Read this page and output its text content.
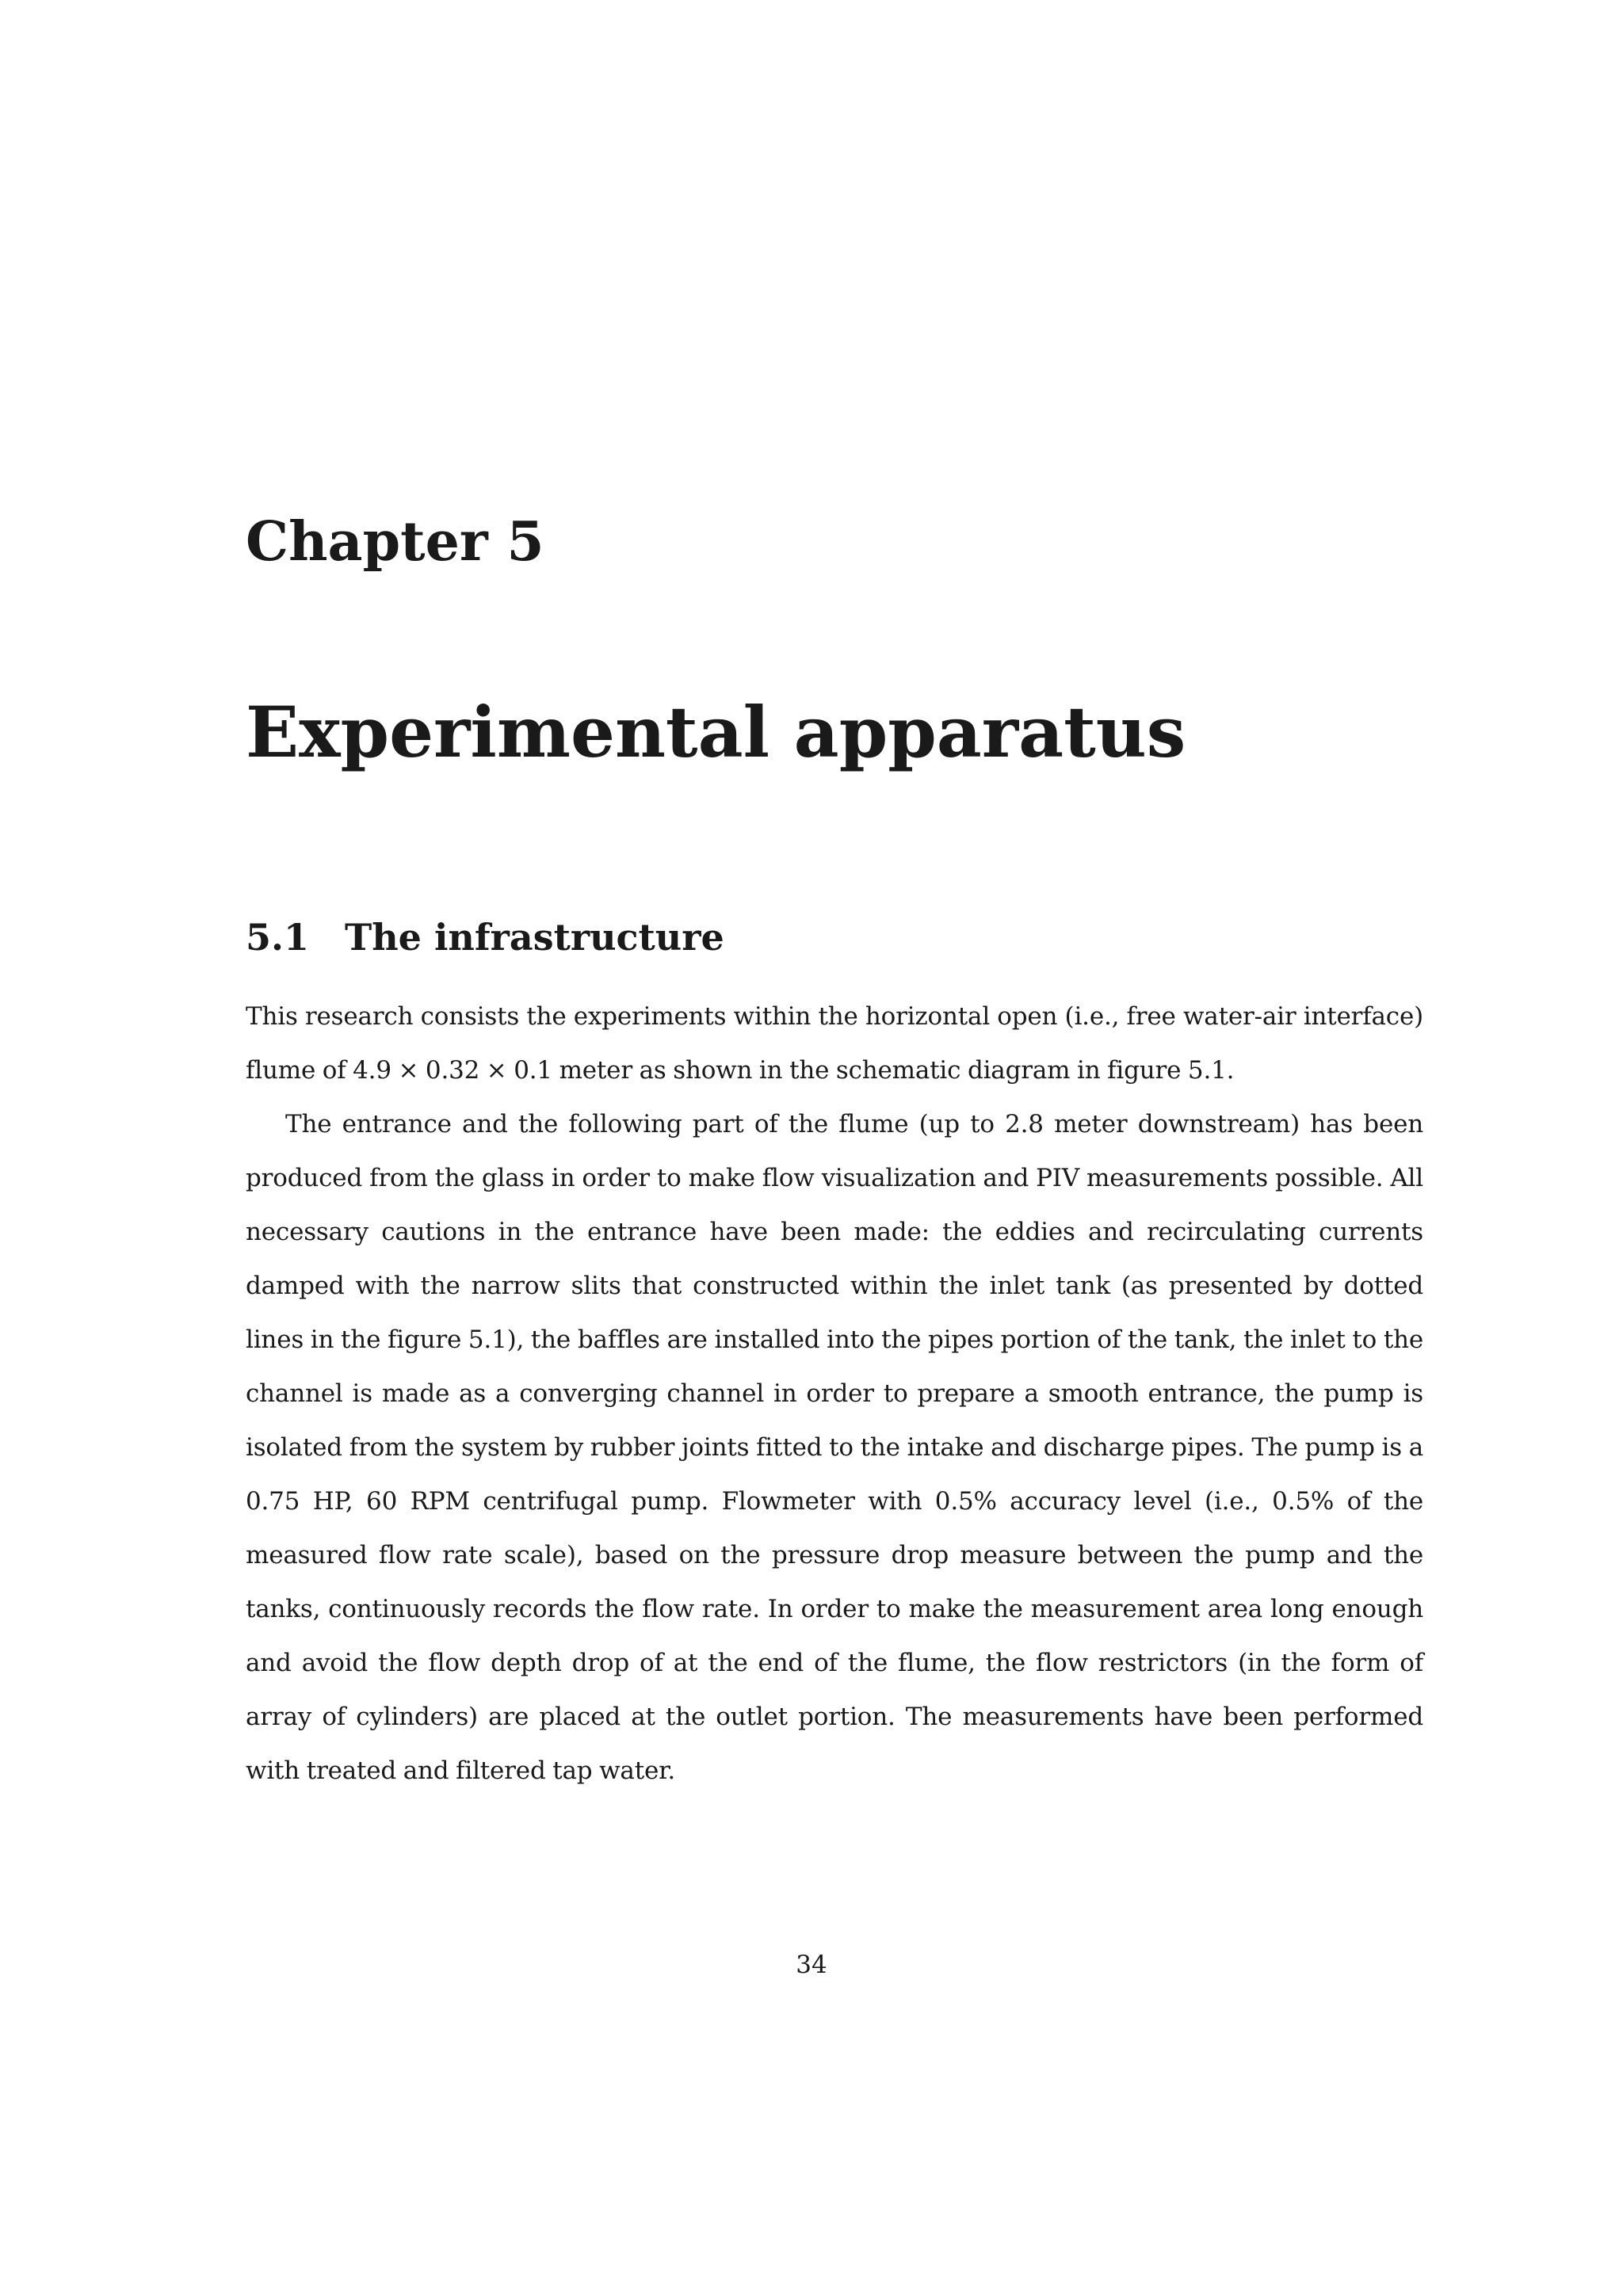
Chapter 5
Experimental apparatus
5.1 The infrastructure

This research consists the experiments within the horizontal open (i.e., free water-air interface) flume of 4.9 × 0.32 × 0.1 meter as shown in the schematic diagram in figure 5.1.

The entrance and the following part of the flume (up to 2.8 meter downstream) has been produced from the glass in order to make flow visualization and PIV measurements possible. All necessary cautions in the entrance have been made: the eddies and recirculating currents damped with the narrow slits that constructed within the inlet tank (as presented by dotted lines in the figure 5.1), the baffles are installed into the pipes portion of the tank, the inlet to the channel is made as a converging channel in order to prepare a smooth entrance, the pump is isolated from the system by rubber joints fitted to the intake and discharge pipes. The pump is a 0.75 HP, 60 RPM centrifugal pump. Flowmeter with 0.5% accuracy level (i.e., 0.5% of the measured flow rate scale), based on the pressure drop measure between the pump and the tanks, continuously records the flow rate. In order to make the measurement area long enough and avoid the flow depth drop of at the end of the flume, the flow restrictors (in the form of array of cylinders) are placed at the outlet portion. The measurements have been performed with treated and filtered tap water.

34
